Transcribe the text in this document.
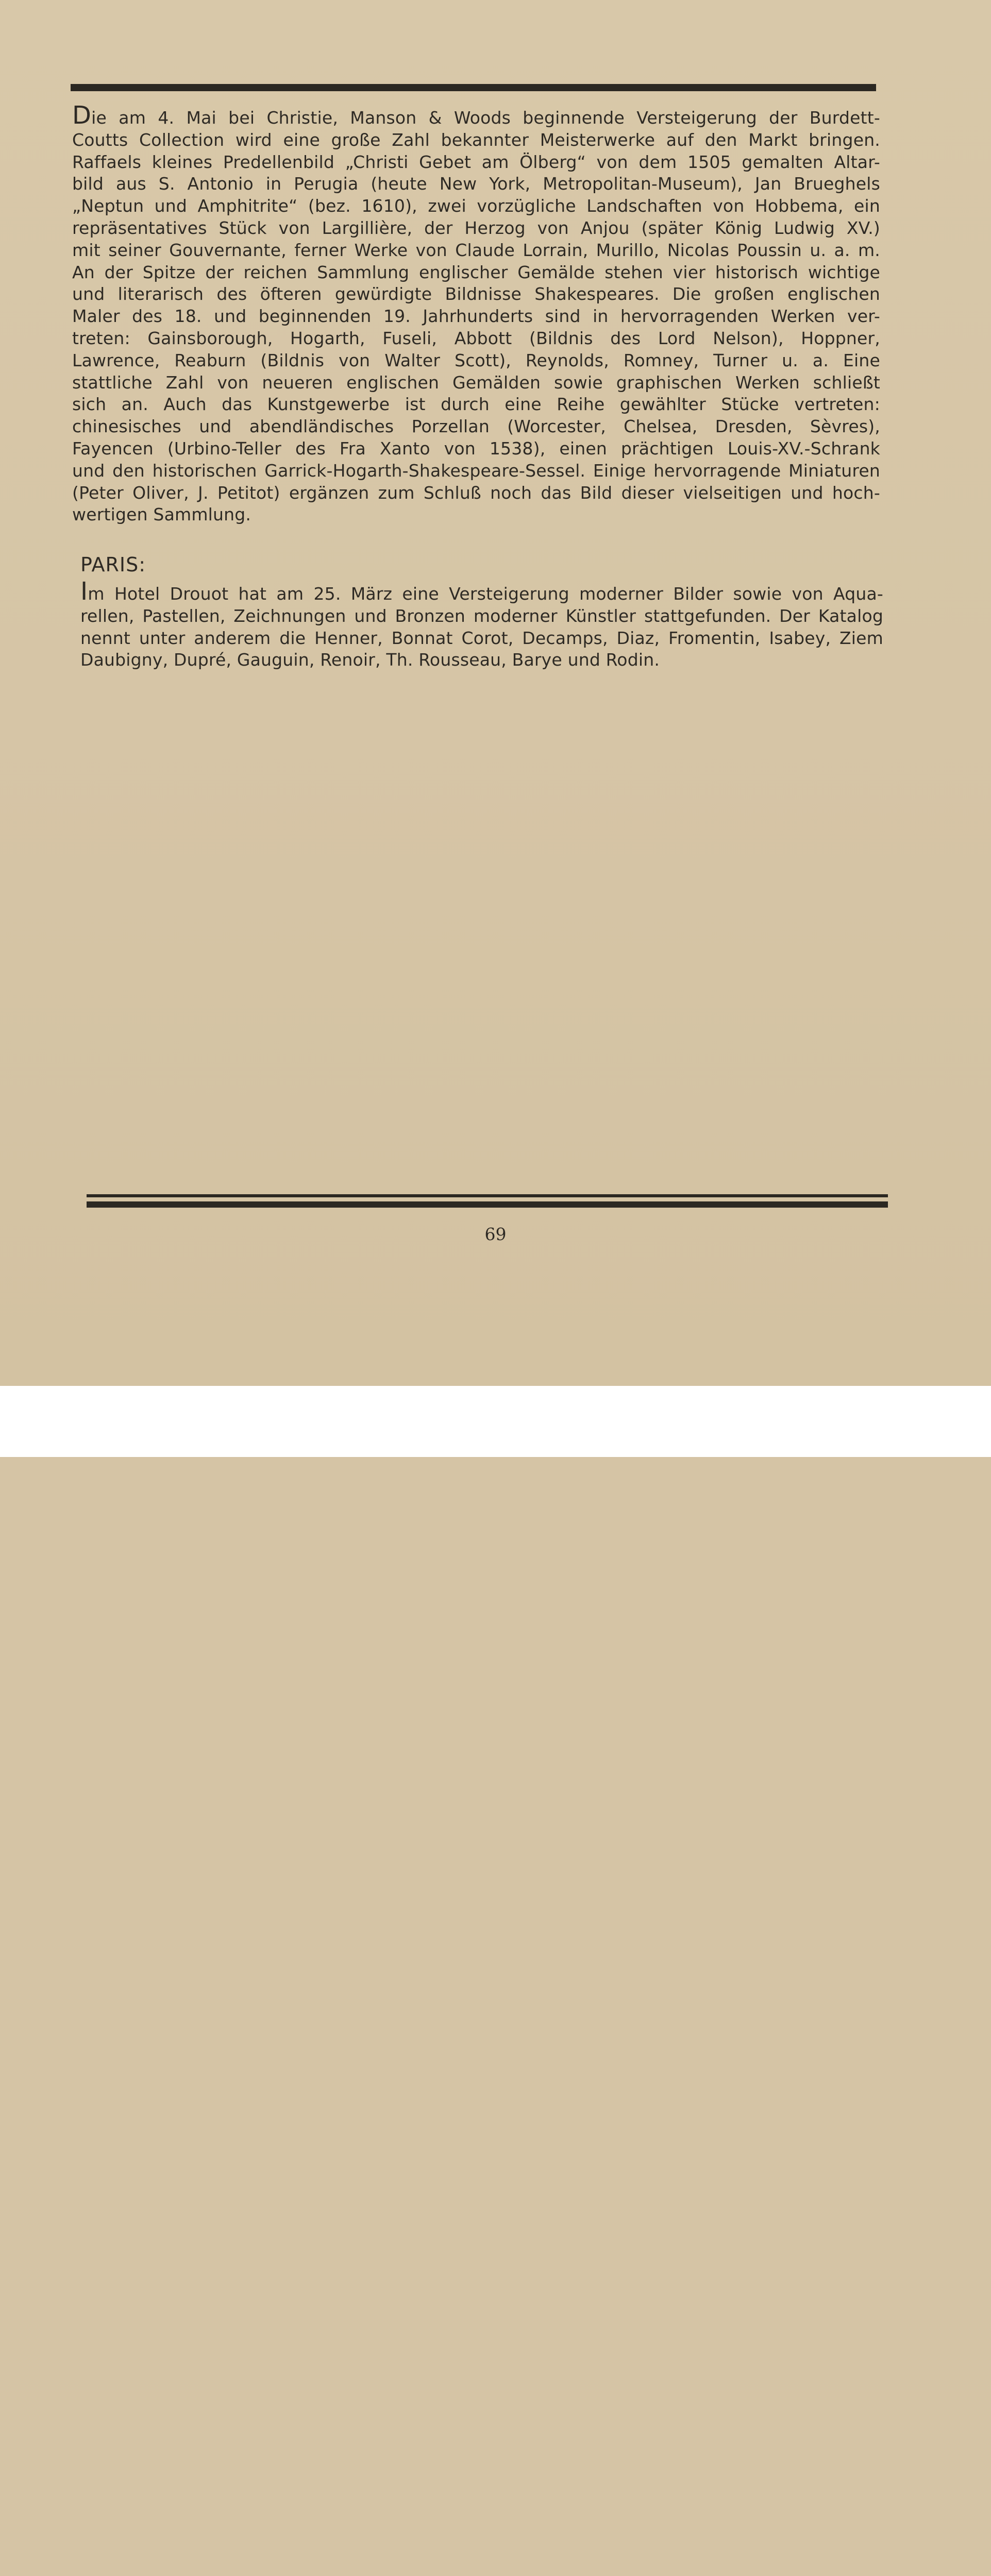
Die am 4. Mai bei Christie, Manson & Woods beginnende Versteigerung der Burdett-
Coutts Collection wird eine große Zahl bekannter Meisterwerke auf den Markt bringen.
Raffaels kleines Predellenbild „Christi Gebet am Ölberg“ von dem 1505 gemalten Altar-
bild aus S. Antonio in Perugia (heute New York, Metropolitan-Museum), Jan Brueghels
„Neptun und Amphitrite“ (bez. 1610), zwei vorzügliche Landschaften von Hobbema, ein
repräsentatives Stück von Largillière, der Herzog von Anjou (später König Ludwig XV.)
mit seiner Gouvernante, ferner Werke von Claude Lorrain, Murillo, Nicolas Poussin u. a. m.
An der Spitze der reichen Sammlung englischer Gemälde stehen vier historisch wichtige
und literarisch des öfteren gewürdigte Bildnisse Shakespeares. Die großen englischen
Maler des 18. und beginnenden 19. Jahrhunderts sind in hervorragenden Werken ver-
treten: Gainsborough, Hogarth, Fuseli, Abbott (Bildnis des Lord Nelson), Hoppner,
Lawrence, Reaburn (Bildnis von Walter Scott), Reynolds, Romney, Turner u. a. Eine
stattliche Zahl von neueren englischen Gemälden sowie graphischen Werken schließt
sich an. Auch das Kunstgewerbe ist durch eine Reihe gewählter Stücke vertreten:
chinesisches und abendländisches Porzellan (Worcester, Chelsea, Dresden, Sèvres),
Fayencen (Urbino-Teller des Fra Xanto von 1538), einen prächtigen Louis-XV.-Schrank
und den historischen Garrick-Hogarth-Shakespeare-Sessel. Einige hervorragende Miniaturen
(Peter Oliver, J. Petitot) ergänzen zum Schluß noch das Bild dieser vielseitigen und hoch-
wertigen Sammlung.
PARIS:
Im Hotel Drouot hat am 25. März eine Versteigerung moderner Bilder sowie von Aqua-
rellen, Pastellen, Zeichnungen und Bronzen moderner Künstler stattgefunden. Der Katalog
nennt unter anderem die Henner, Bonnat Corot, Decamps, Diaz, Fromentin, Isabey, Ziem
Daubigny, Dupré, Gauguin, Renoir, Th. Rousseau, Barye und Rodin.
69
